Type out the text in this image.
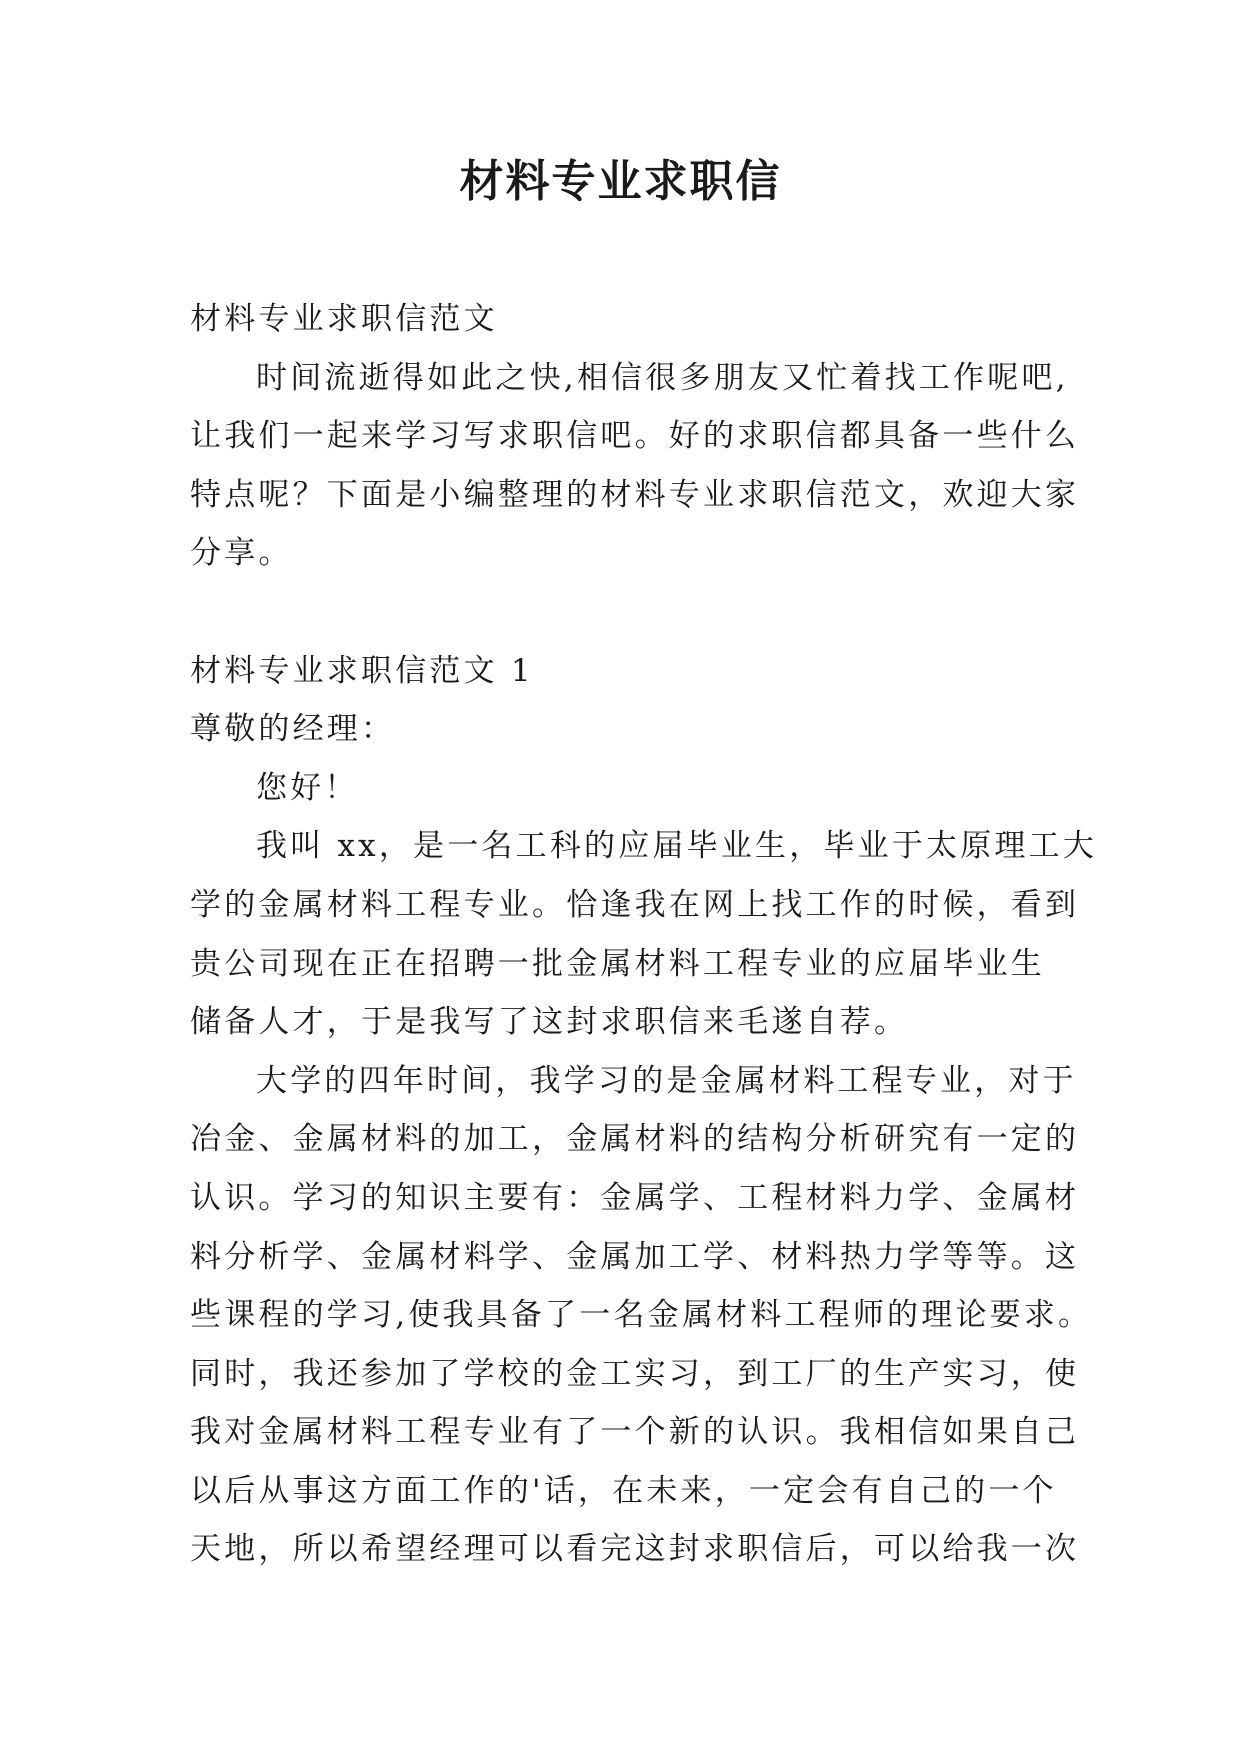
材料专业求职信
材料专业求职信范文
时间流逝得如此之快,相信很多朋友又忙着找工作呢吧,
让我们一起来学习写求职信吧。好的求职信都具备一些什么
特点呢？下面是小编整理的材料专业求职信范文，欢迎大家
分享。
材料专业求职信范文 1
尊敬的经理：
您好！
我叫 xx，是一名工科的应届毕业生，毕业于太原理工大
学的金属材料工程专业。恰逢我在网上找工作的时候，看到
贵公司现在正在招聘一批金属材料工程专业的应届毕业生
储备人才，于是我写了这封求职信来毛遂自荐。
大学的四年时间，我学习的是金属材料工程专业，对于
冶金、金属材料的加工，金属材料的结构分析研究有一定的
认识。学习的知识主要有：金属学、工程材料力学、金属材
料分析学、金属材料学、金属加工学、材料热力学等等。这
些课程的学习,使我具备了一名金属材料工程师的理论要求。
同时，我还参加了学校的金工实习，到工厂的生产实习，使
我对金属材料工程专业有了一个新的认识。我相信如果自己
以后从事这方面工作的'话，在未来，一定会有自己的一个
天地，所以希望经理可以看完这封求职信后，可以给我一次
